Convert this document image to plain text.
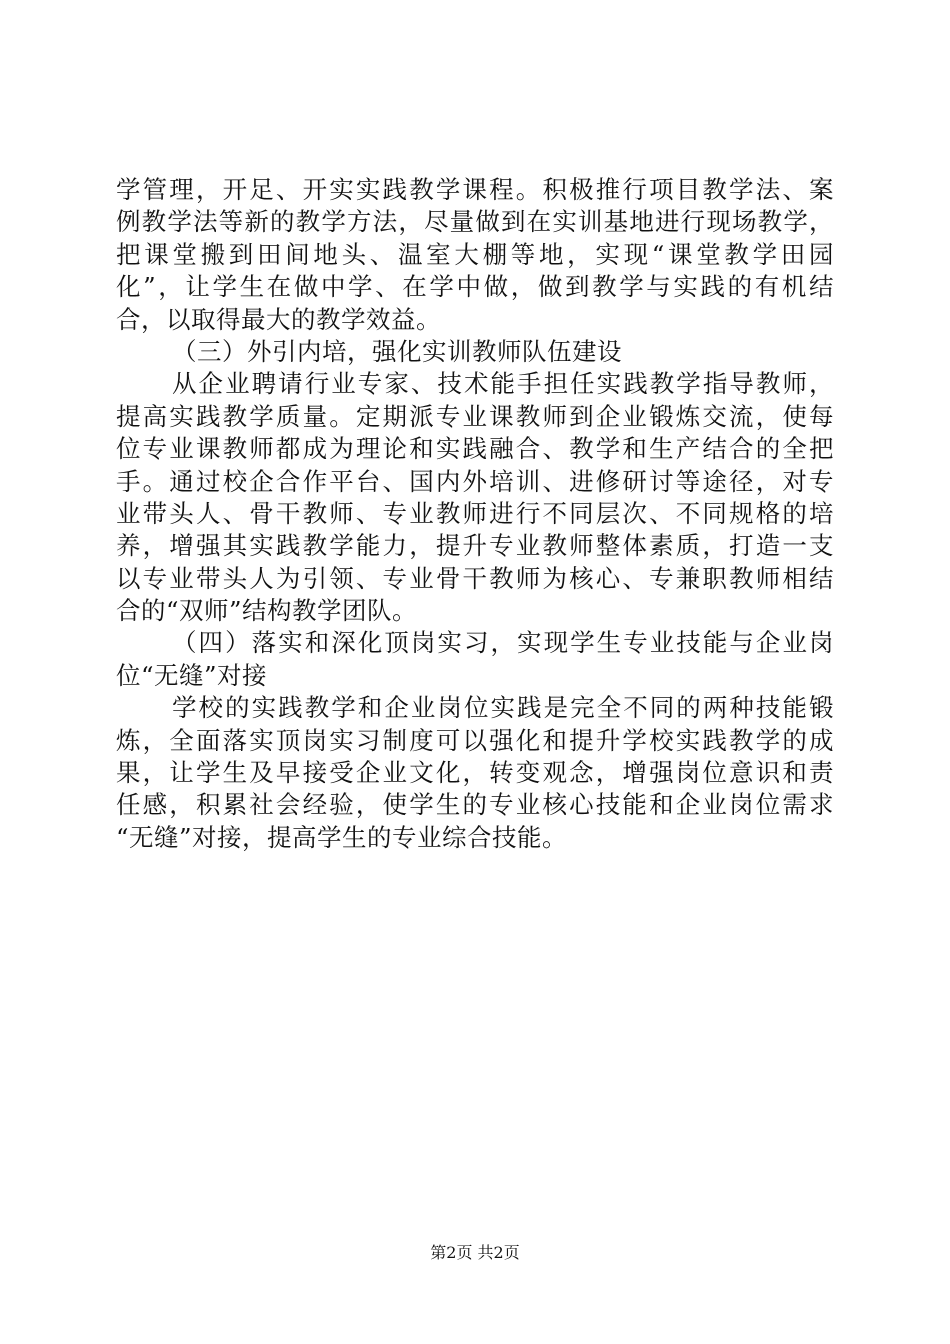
学管理，开足、开实实践教学课程。积极推行项目教学法、案
例教学法等新的教学方法，尽量做到在实训基地进行现场教学，
把课堂搬到田间地头、温室大棚等地，实现“课堂教学田园
化”，让学生在做中学、在学中做，做到教学与实践的有机结
合，以取得最大的教学效益。
（三）外引内培，强化实训教师队伍建设
从企业聘请行业专家、技术能手担任实践教学指导教师，
提高实践教学质量。定期派专业课教师到企业锻炼交流，使每
位专业课教师都成为理论和实践融合、教学和生产结合的全把
手。通过校企合作平台、国内外培训、进修研讨等途径，对专
业带头人、骨干教师、专业教师进行不同层次、不同规格的培
养，增强其实践教学能力，提升专业教师整体素质，打造一支
以专业带头人为引领、专业骨干教师为核心、专兼职教师相结
合的“双师”结构教学团队。
（四）落实和深化顶岗实习，实现学生专业技能与企业岗
位“无缝”对接
学校的实践教学和企业岗位实践是完全不同的两种技能锻
炼，全面落实顶岗实习制度可以强化和提升学校实践教学的成
果，让学生及早接受企业文化，转变观念，增强岗位意识和责
任感，积累社会经验，使学生的专业核心技能和企业岗位需求
“无缝”对接，提高学生的专业综合技能。
第2页 共2页
